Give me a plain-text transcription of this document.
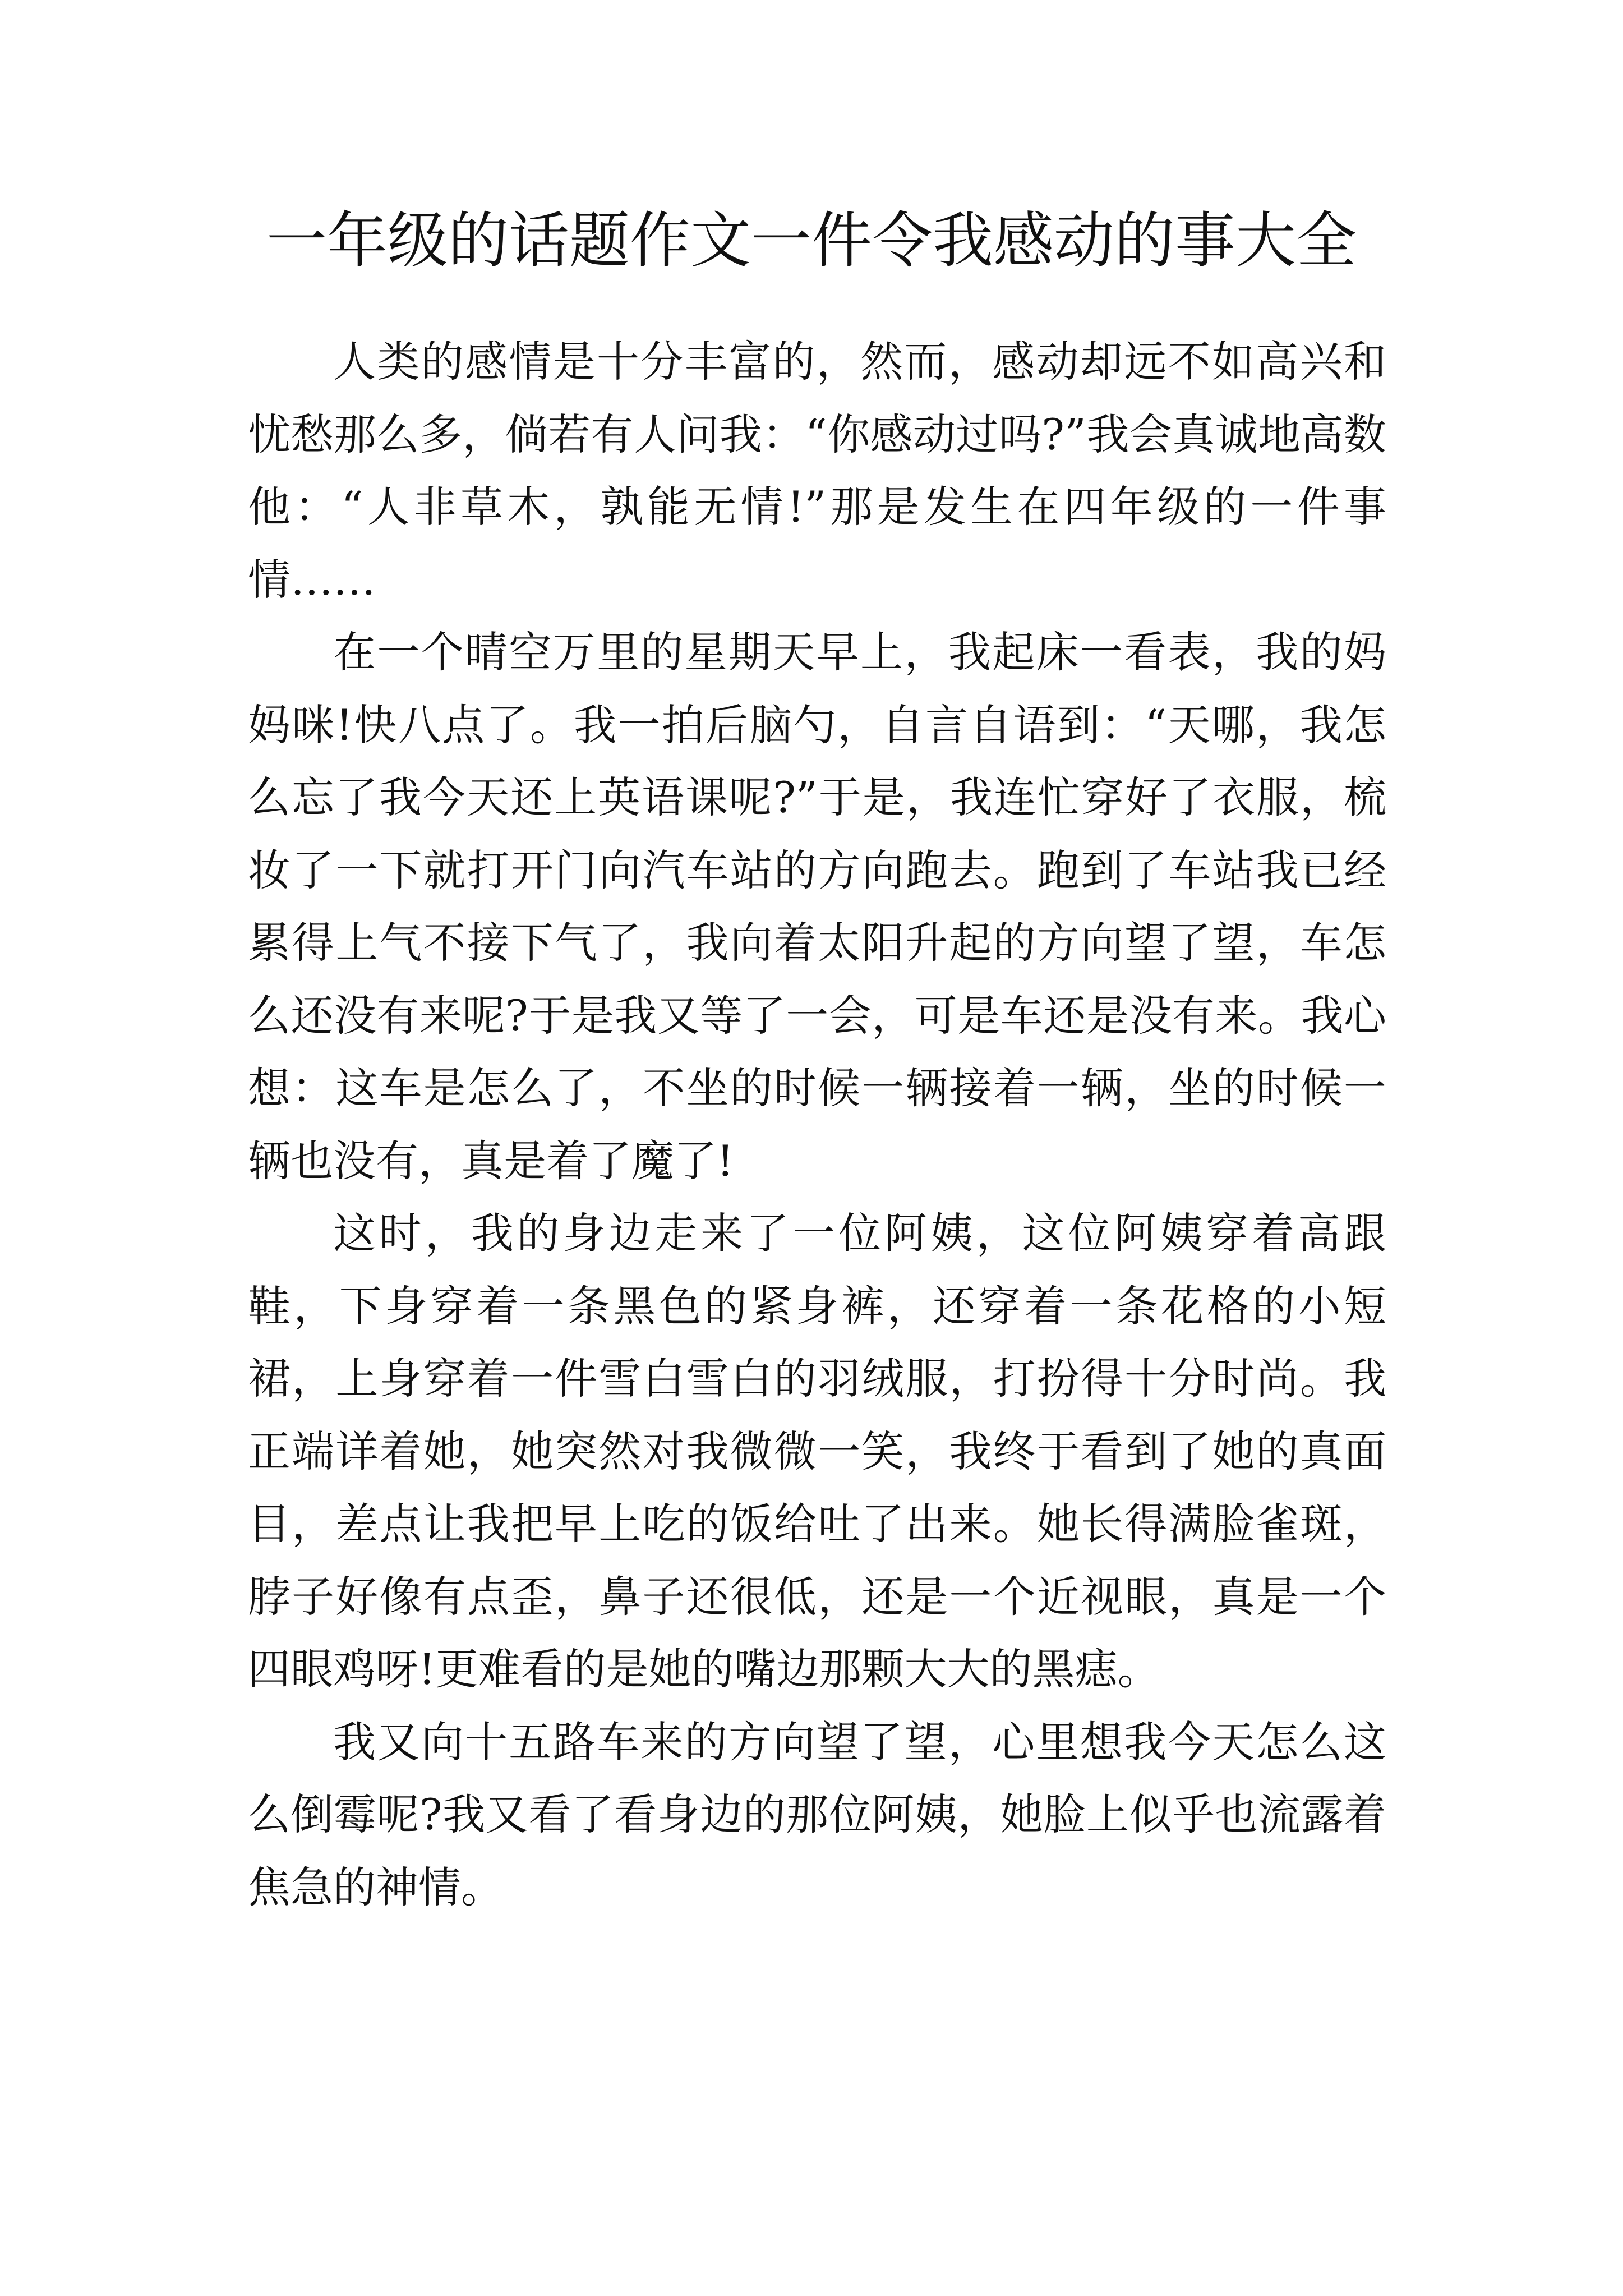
一年级的话题作文一件令我感动的事大全

人类的感情是十分丰富的，然而，感动却远不如高兴和忧愁那么多，倘若有人问我：“你感动过吗?”我会真诚地高数他：“人非草木，孰能无情!”那是发生在四年级的一件事情……

在一个晴空万里的星期天早上，我起床一看表，我的妈妈咪!快八点了。我一拍后脑勺，自言自语到：“天哪，我怎么忘了我今天还上英语课呢?”于是，我连忙穿好了衣服，梳妆了一下就打开门向汽车站的方向跑去。跑到了车站我已经累得上气不接下气了，我向着太阳升起的方向望了望，车怎么还没有来呢?于是我又等了一会，可是车还是没有来。我心想：这车是怎么了，不坐的时候一辆接着一辆，坐的时候一辆也没有，真是着了魔了!

这时，我的身边走来了一位阿姨，这位阿姨穿着高跟鞋，下身穿着一条黑色的紧身裤，还穿着一条花格的小短裙，上身穿着一件雪白雪白的羽绒服，打扮得十分时尚。我正端详着她，她突然对我微微一笑，我终于看到了她的真面目，差点让我把早上吃的饭给吐了出来。她长得满脸雀斑，脖子好像有点歪，鼻子还很低，还是一个近视眼，真是一个四眼鸡呀!更难看的是她的嘴边那颗大大的黑痣。

我又向十五路车来的方向望了望，心里想我今天怎么这么倒霉呢?我又看了看身边的那位阿姨，她脸上似乎也流露着焦急的神情。
